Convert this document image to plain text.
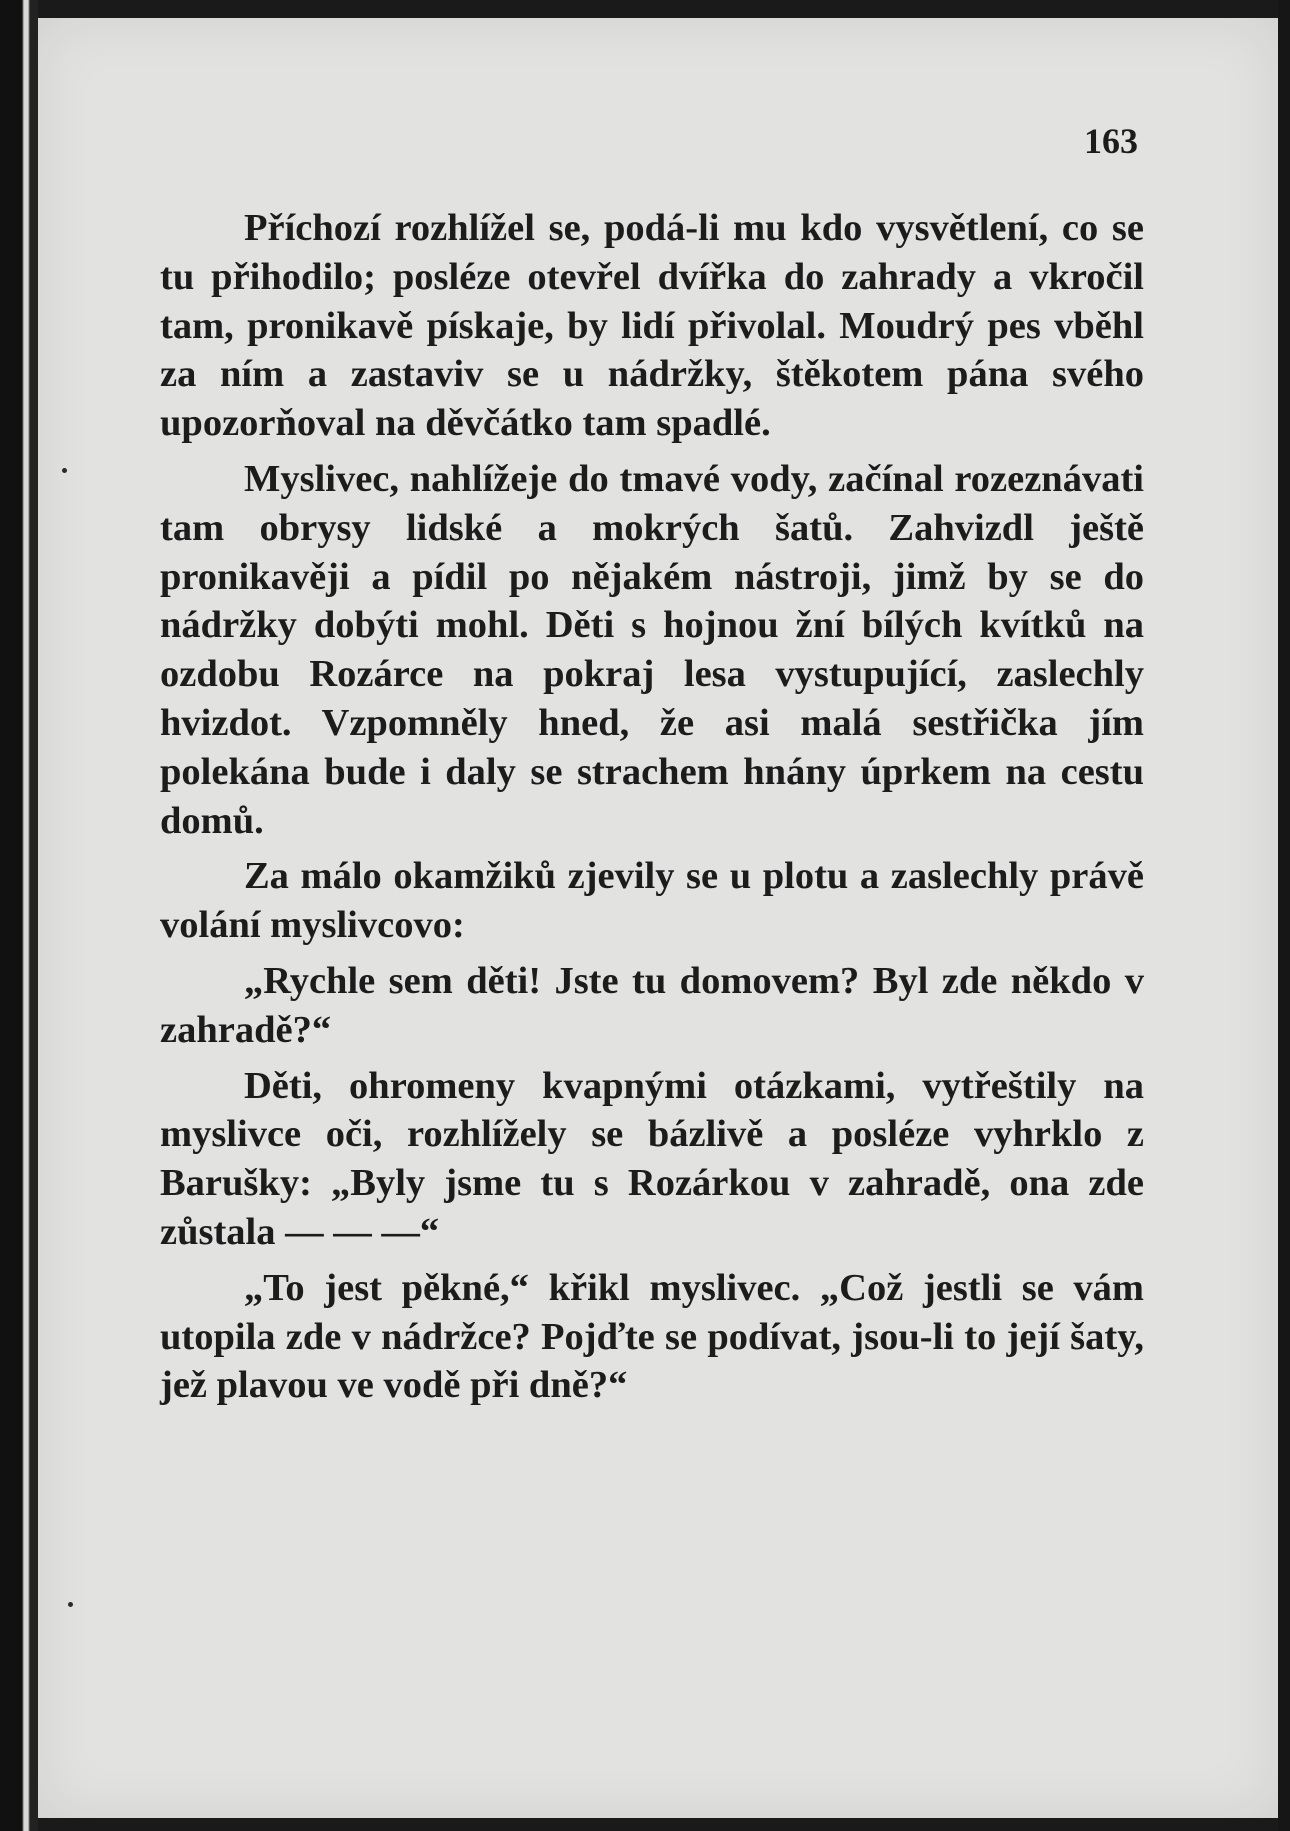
163

Příchozí rozhlížel se, podá-li mu kdo vysvětlení, co se tu přihodilo; posléze otevřel dvířka do zahrady a vkročil tam, pronikavě pískaje, by lidí přivolal. Moudrý pes vběhl za ním a zastaviv se u nádržky, štěkotem pána svého upozorňoval na děvčátko tam spadlé.

Myslivec, nahlížeje do tmavé vody, začínal rozeznávati tam obrysy lidské a mokrých šatů. Zahvizdl ještě pronikavěji a pídil po nějakém nástroji, jimž by se do nádržky dobýti mohl. Děti s hojnou žní bílých kvítků na ozdobu Rozárce na pokraj lesa vystupující, zaslechly hvizdot. Vzpomněly hned, že asi malá sestřička jím polekána bude i daly se strachem hnány úprkem na cestu domů.

Za málo okamžiků zjevily se u plotu a zaslechly právě volání myslivcovo:

„Rychle sem děti! Jste tu domovem? Byl zde někdo v zahradě?“

Děti, ohromeny kvapnými otázkami, vytřeštily na myslivce oči, rozhlížely se bázlivě a posléze vyhrklo z Barušky: „Byly jsme tu s Rozárkou v zahradě, ona zde zůstala — — —“

„To jest pěkné,“ křikl myslivec. „Což jestli se vám utopila zde v nádržce? Pojďte se podívat, jsou-li to její šaty, jež plavou ve vodě při dně?“
